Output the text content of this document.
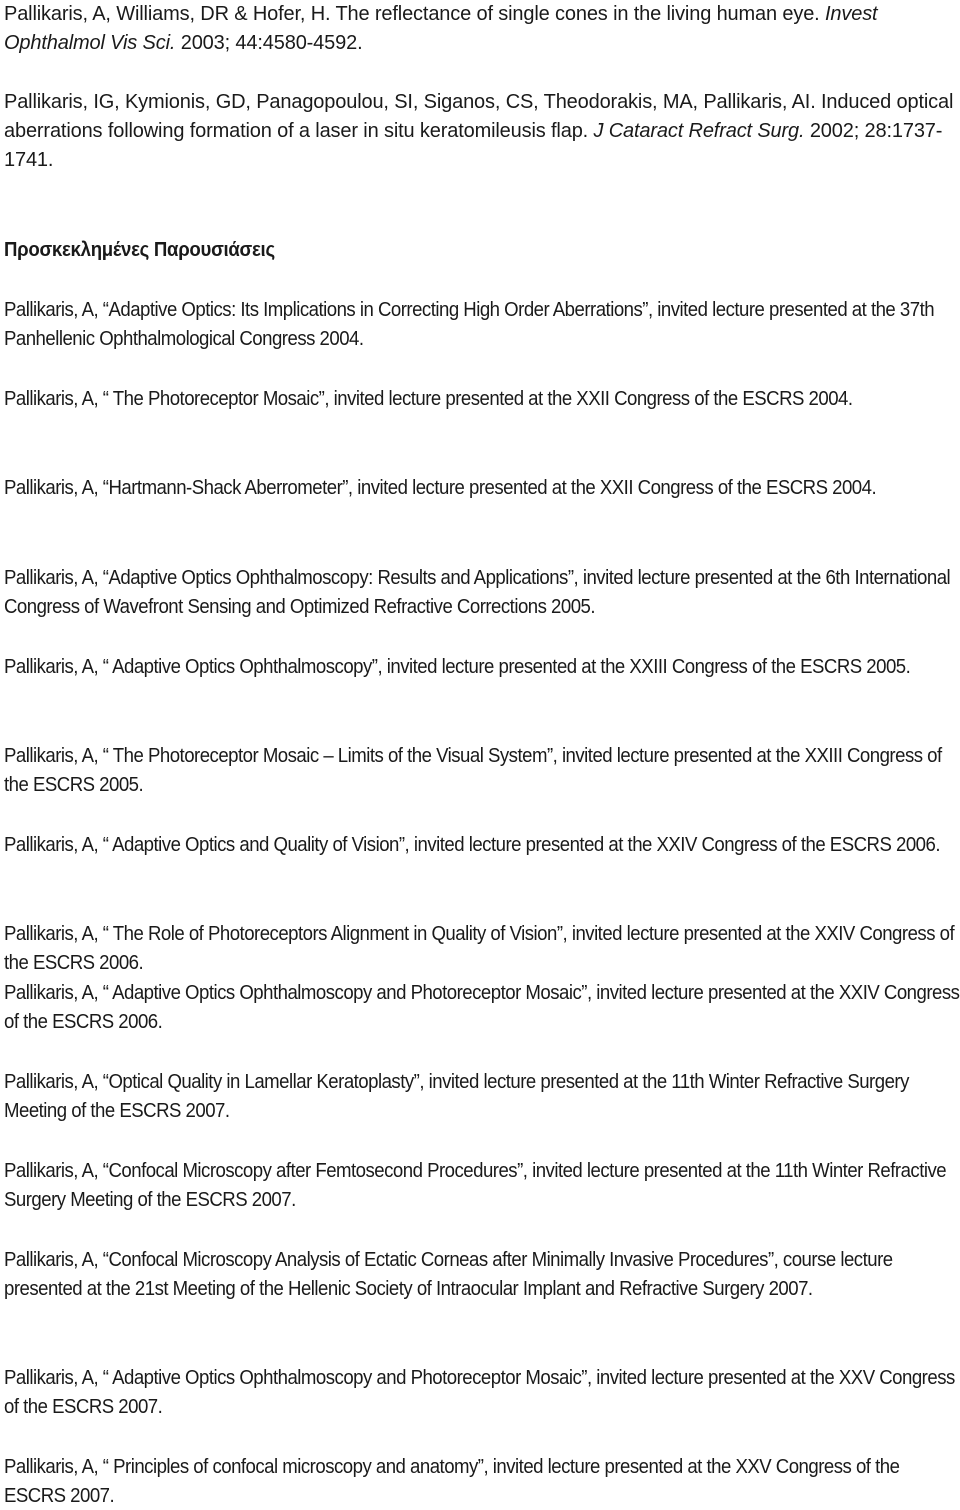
Pallikaris, A, Williams, DR & Hofer, H. The reflectance of single cones in the living human eye. Invest Ophthalmol Vis Sci. 2003; 44:4580-4592.

Pallikaris, IG, Kymionis, GD, Panagopoulou, SI, Siganos, CS, Theodorakis, MA, Pallikaris, AI. Induced optical aberrations following formation of a laser in situ keratomileusis flap. J Cataract Refract Surg. 2002; 28:1737-1741.

Προσκεκλημένες Παρουσιάσεις

Pallikaris, A, “Adaptive Optics: Its Implications in Correcting High Order Aberrations”, invited lecture presented at the 37th Panhellenic Ophthalmological Congress 2004.

Pallikaris, A, “ The Photoreceptor Mosaic”, invited lecture presented at the XXII Congress of the ESCRS 2004.

Pallikaris, A, “Hartmann-Shack Aberrometer”, invited lecture presented at the XXII Congress of the ESCRS 2004.

Pallikaris, A, “Adaptive Optics Ophthalmoscopy: Results and Applications”, invited lecture presented at the 6th International Congress of Wavefront Sensing and Optimized Refractive Corrections 2005.

Pallikaris, A, “ Adaptive Optics Ophthalmoscopy”, invited lecture presented at the XXIII Congress of the ESCRS 2005.

Pallikaris, A, “ The Photoreceptor Mosaic – Limits of the Visual System”, invited lecture presented at the XXIII Congress of the ESCRS 2005.

Pallikaris, A, “ Adaptive Optics and Quality of Vision”, invited lecture presented at the XXIV Congress of the ESCRS 2006.

Pallikaris, A, “ The Role of Photoreceptors Alignment in Quality of Vision”, invited lecture presented at the XXIV Congress of the ESCRS 2006.

Pallikaris, A, “ Adaptive Optics Ophthalmoscopy and Photoreceptor Mosaic”, invited lecture presented at the XXIV Congress of the ESCRS 2006.

Pallikaris, A, “Optical Quality in Lamellar Keratoplasty”, invited lecture presented at the 11th Winter Refractive Surgery Meeting of the ESCRS 2007.

Pallikaris, A, “Confocal Microscopy after Femtosecond Procedures”, invited lecture presented at the 11th Winter Refractive Surgery Meeting of the ESCRS 2007.

Pallikaris, A, “Confocal Microscopy Analysis of Ectatic Corneas after Minimally Invasive Procedures”, course lecture presented at the 21st Meeting of the Hellenic Society of Intraocular Implant and Refractive Surgery 2007.

Pallikaris, A, “ Adaptive Optics Ophthalmoscopy and Photoreceptor Mosaic”, invited lecture presented at the XXV Congress of the ESCRS 2007.

Pallikaris, A, “ Principles of confocal microscopy and anatomy”, invited lecture presented at the XXV Congress of the ESCRS 2007.
